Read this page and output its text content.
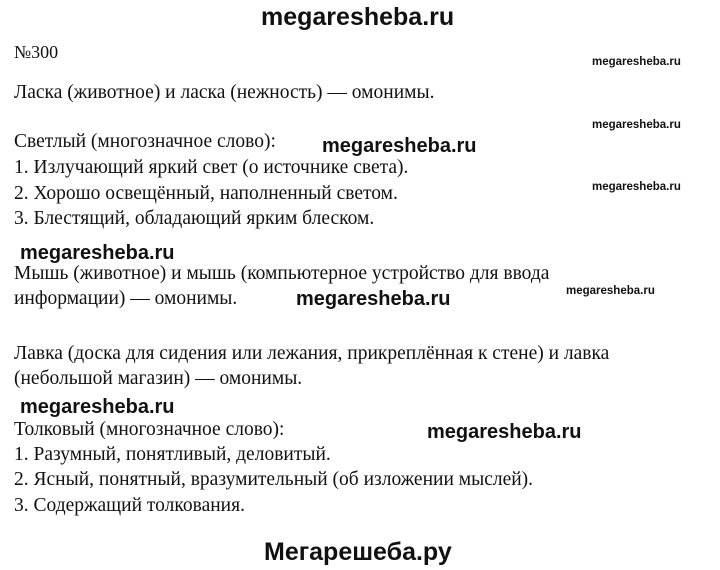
megaresheba.ru
№300
Ласка (животное) и ласка (нежность) — омонимы.
Светлый (многозначное слово):
1. Излучающий яркий свет (о источнике света).
2. Хорошо освещённый, наполненный светом.
3. Блестящий, обладающий ярким блеском.
Мышь (животное) и мышь (компьютерное устройство для ввода
информации) — омонимы.
Лавка (доска для сидения или лежания, прикреплённая к стене) и лавка
(небольшой магазин) — омонимы.
Толковый (многозначное слово):
1. Разумный, понятливый, деловитый.
2. Ясный, понятный, вразумительный (об изложении мыслей).
3. Содержащий толкования.
megaresheba.ru
megaresheba.ru
megaresheba.ru
megaresheba.ru
megaresheba.ru
megaresheba.ru
megaresheba.ru
megaresheba.ru
megaresheba.ru
Мегарешеба.ру
